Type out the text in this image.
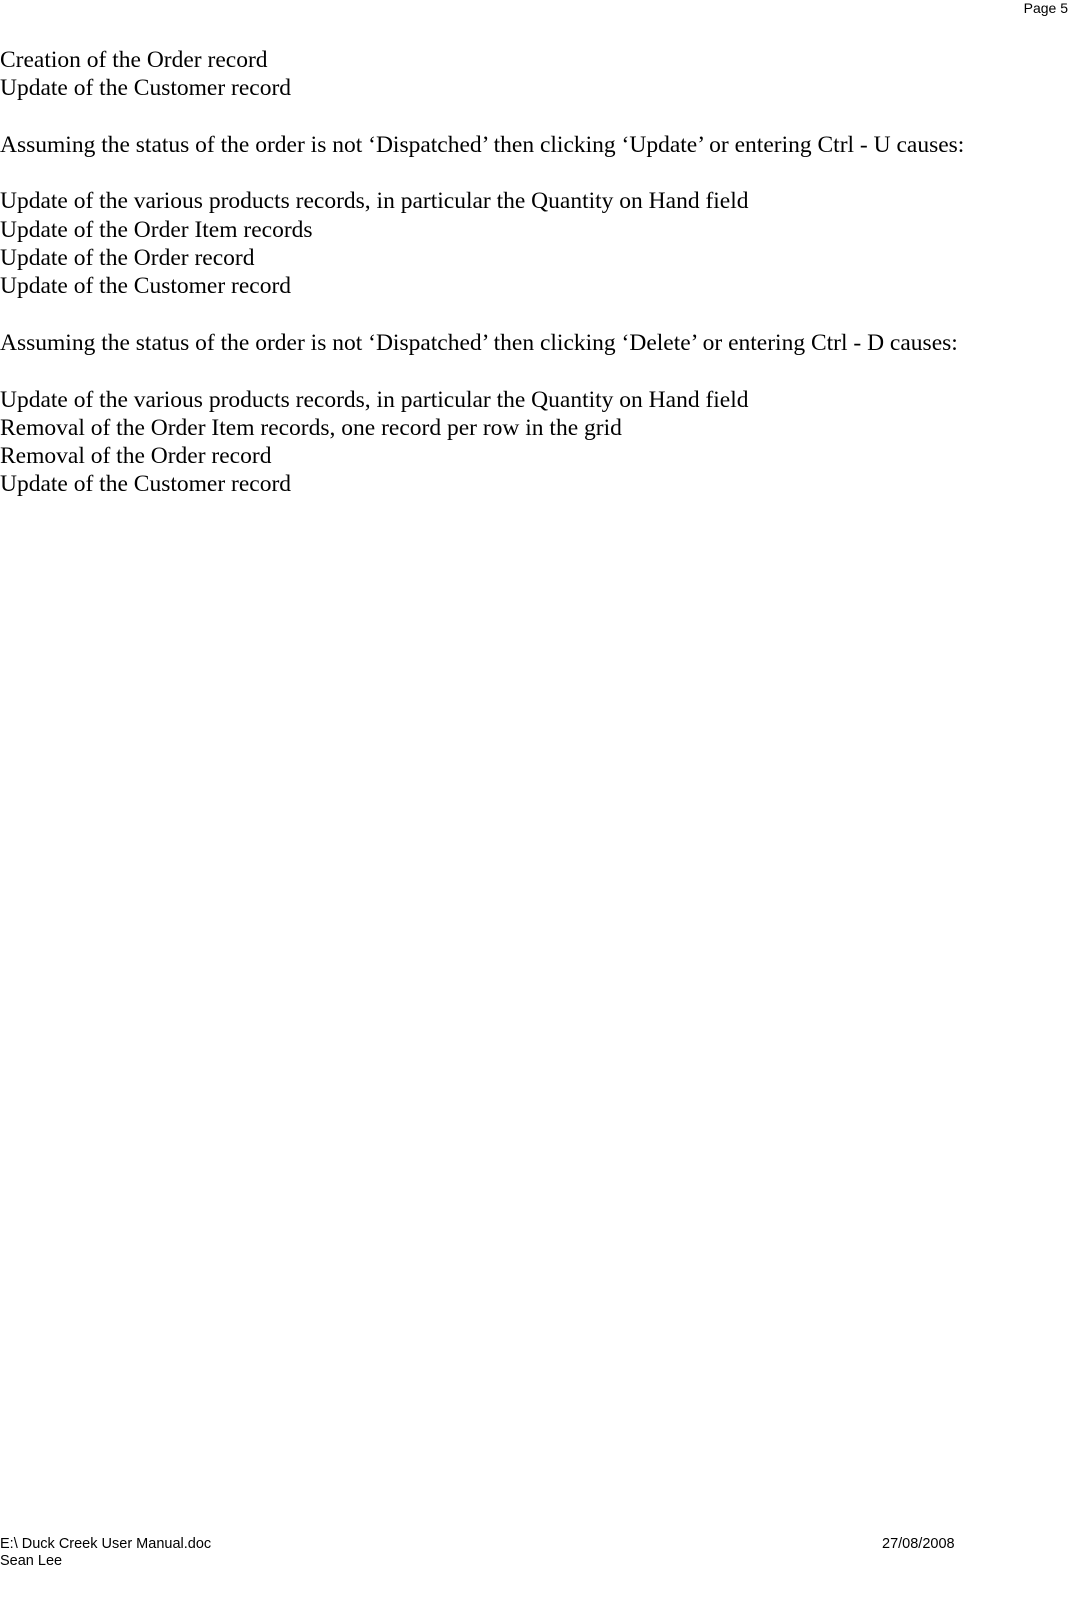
Page 5
Creation of the Order record
Update of the Customer record
Assuming the status of the order is not ‘Dispatched’ then clicking ‘Update’ or entering Ctrl - U causes:
Update of the various products records, in particular the Quantity on Hand field
Update of the Order Item records
Update of the Order record
Update of the Customer record
Assuming the status of the order is not ‘Dispatched’ then clicking ‘Delete’ or entering Ctrl - D causes:
Update of the various products records, in particular the Quantity on Hand field
Removal of the Order Item records, one record per row in the grid
Removal of the Order record
Update of the Customer record
E:\ Duck Creek User Manual.doc	27/08/2008
Sean Lee
